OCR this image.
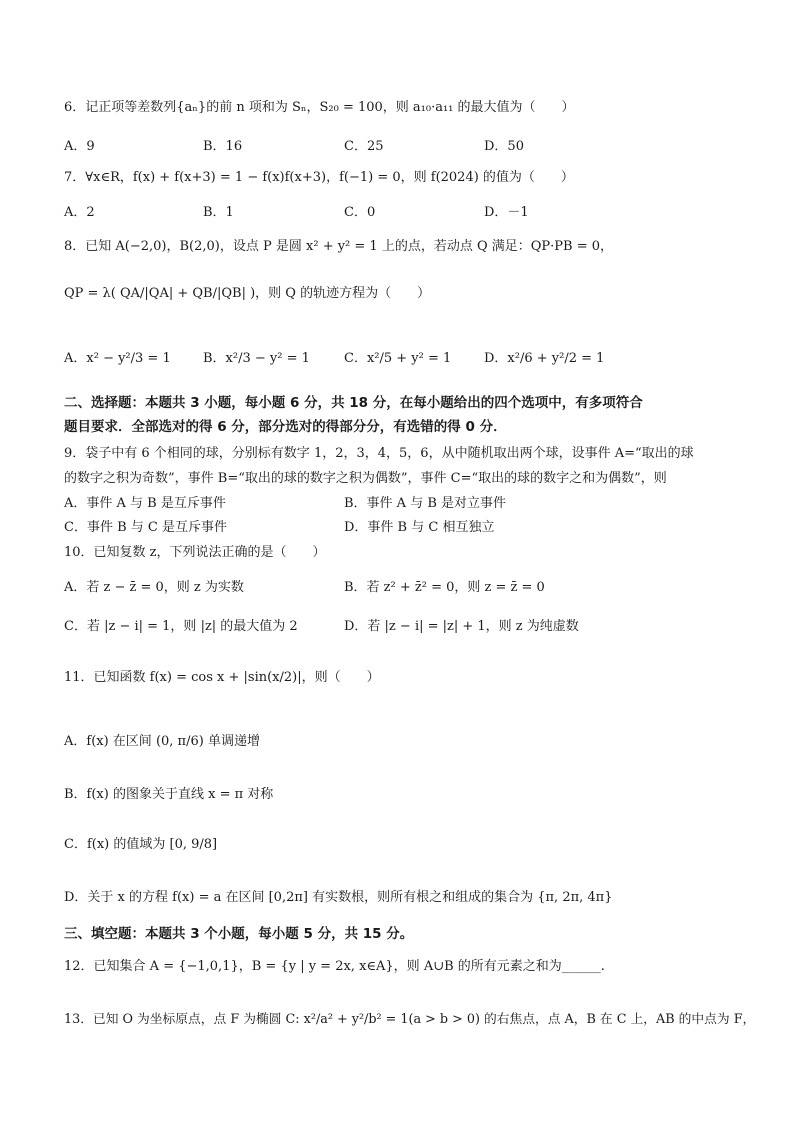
6．记正项等差数列{aₙ}的前 n 项和为 Sₙ，S₂₀ = 100，则 a₁₀·a₁₁ 的最大值为（　　）
A．9	B．16	C．25	D．50
7．∀x∈R，f(x) + f(x+3) = 1 − f(x)f(x+3)，f(−1) = 0，则 f(2024) 的值为（　　）
A．2	B．1	C．0	D．－1
8．已知 A(−2,0)，B(2,0)，设点 P 是圆 x² + y² = 1 上的点，若动点 Q 满足：QP·PB = 0，
QP = λ( QA/|QA| + QB/|QB| )，则 Q 的轨迹方程为（　　）
A．x² − y²/3 = 1 B．x²/3 − y² = 1	C．x²/5 + y² = 1	D．x²/6 + y²/2 = 1
二、选择题：本题共 3 小题，每小题 6 分，共 18 分，在每小题给出的四个选项中，有多项符合
题目要求．全部选对的得 6 分，部分选对的得部分分，有选错的得 0 分．
9．袋子中有 6 个相同的球，分别标有数字 1，2，3，4，5，6，从中随机取出两个球，设事件 A=“取出的球
的数字之积为奇数”，事件 B=“取出的球的数字之积为偶数”，事件 C=“取出的球的数字之和为偶数”，则
A．事件 A 与 B 是互斥事件	B．事件 A 与 B 是对立事件
C．事件 B 与 C 是互斥事件	D．事件 B 与 C 相互独立
10．已知复数 z，下列说法正确的是（　　）
A．若 z − z̄ = 0，则 z 为实数	B．若 z² + z̄² = 0，则 z = z̄ = 0
C．若 |z − i| = 1，则 |z| 的最大值为 2	D．若 |z − i| = |z| + 1，则 z 为纯虚数
11．已知函数 f(x) = cos x + |sin(x/2)|，则（　　）
A．f(x) 在区间 (0, π/6) 单调递增
B．f(x) 的图象关于直线 x = π 对称
C．f(x) 的值域为 [0, 9/8]
D．关于 x 的方程 f(x) = a 在区间 [0,2π] 有实数根，则所有根之和组成的集合为 {π, 2π, 4π}
三、填空题：本题共 3 个小题，每小题 5 分，共 15 分。
12．已知集合 A = {−1,0,1}，B = {y | y = 2x, x∈A}，则 A∪B 的所有元素之和为______.
13．已知 O 为坐标原点，点 F 为椭圆 C: x²/a² + y²/b² = 1(a > b > 0) 的右焦点，点 A，B 在 C 上，AB 的中点为 F，
